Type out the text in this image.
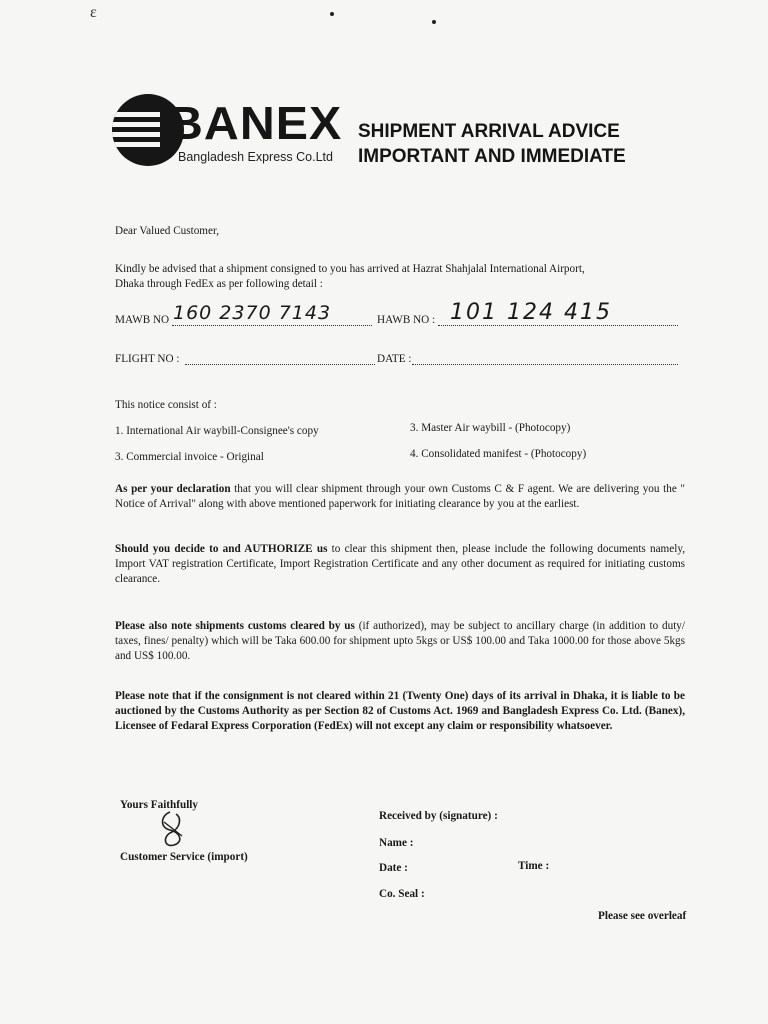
ɛ
BANEX
Bangladesh Express Co.Ltd
SHIPMENT ARRIVAL ADVICE
IMPORTANT AND IMMEDIATE
Dear Valued Customer,
Kindly be advised that a shipment consigned to you has arrived at Hazrat Shahjalal International Airport,
Dhaka through FedEx as per following detail :
MAWB NO 160 2370 7143	HAWB NO : 101 124 415
FLIGHT NO :	DATE :
This notice consist of :
1. International Air waybill-Consignee's copy	3. Master Air waybill - (Photocopy)
3. Commercial invoice - Original	4. Consolidated manifest - (Photocopy)
As per your declaration that you will clear shipment through your own Customs C & F agent. We are delivering you the " Notice of Arrival" along with above mentioned paperwork for initiating clearance by you at the earliest.
Should you decide to and AUTHORIZE us to clear this shipment then, please include the following documents namely, Import VAT registration Certificate, Import Registration Certificate and any other document as required for initiating customs clearance.
Please also note shipments customs cleared by us (if authorized), may be subject to ancillary charge (in addition to duty/ taxes, fines/ penalty) which will be Taka 600.00 for shipment upto 5kgs or US$ 100.00 and Taka 1000.00 for those above 5kgs and US$ 100.00.
Please note that if the consignment is not cleared within 21 (Twenty One) days of its arrival in Dhaka, it is liable to be auctioned by the Customs Authority as per Section 82 of Customs Act. 1969 and Bangladesh Express Co. Ltd. (Banex), Licensee of Fedaral Express Corporation (FedEx) will not except any claim or responsibility whatsoever.
Yours Faithfully
Customer Service (import)
Received by (signature) :
Name :
Date :	Time :
Co. Seal :
Please see overleaf
